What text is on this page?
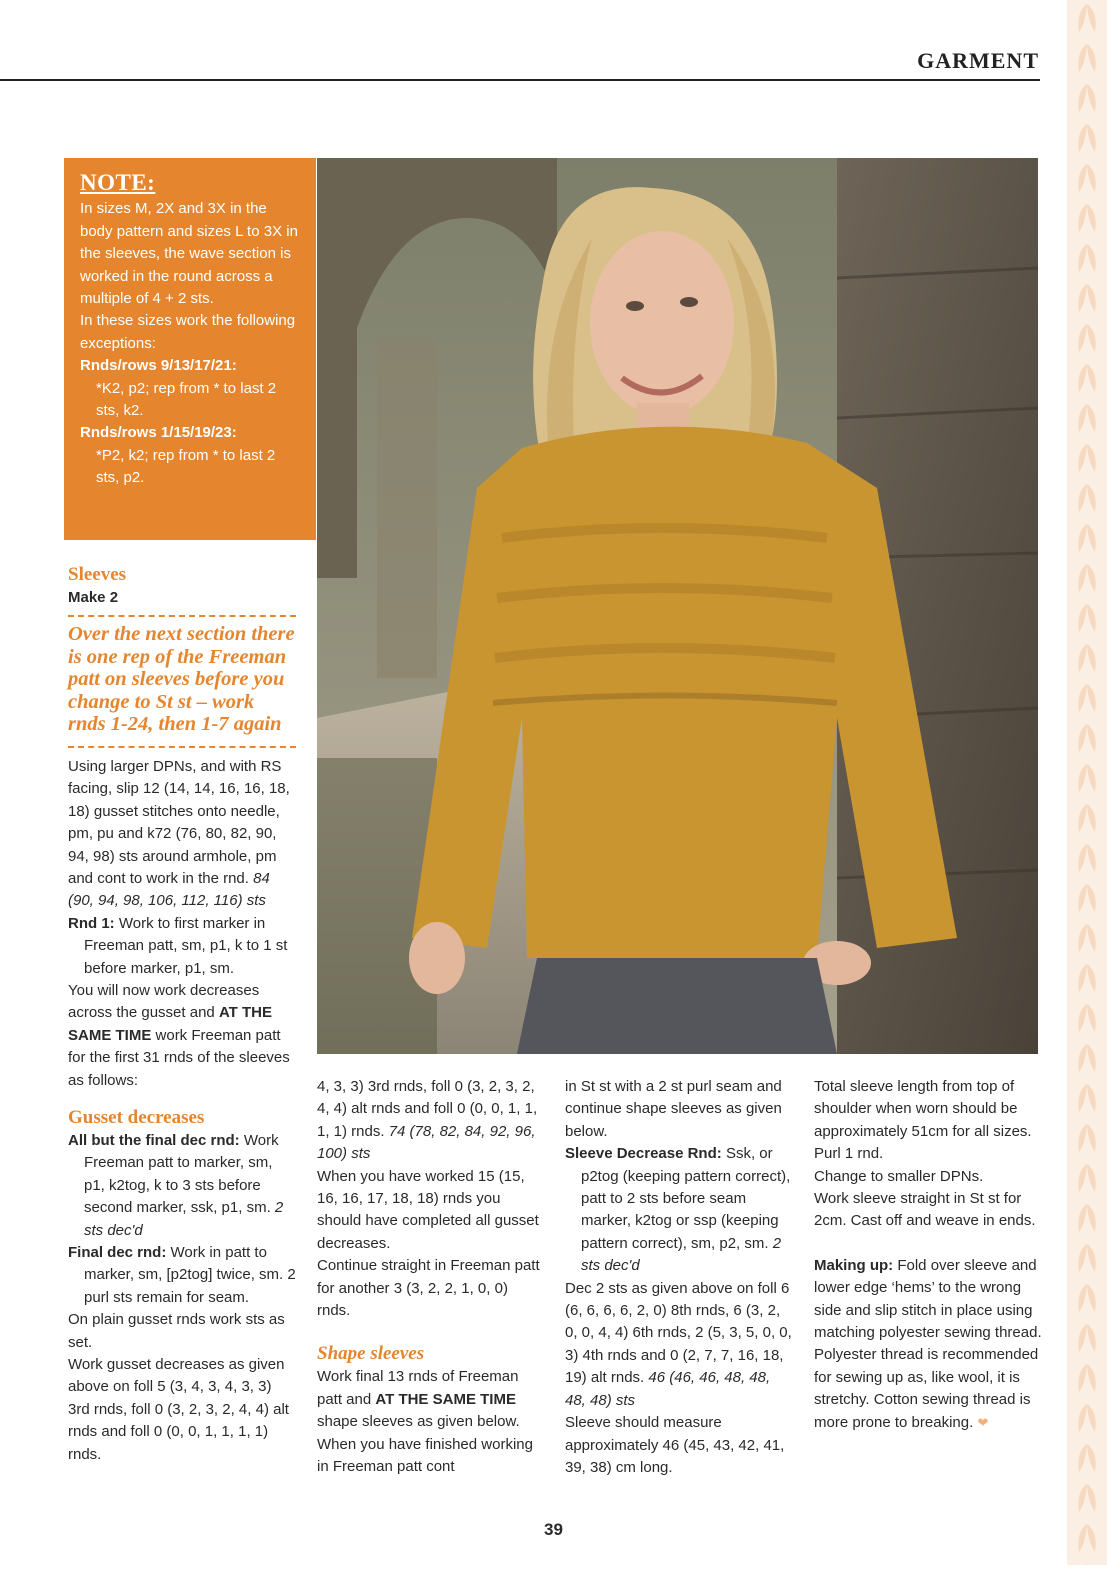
GARMENT
NOTE:

In sizes M, 2X and 3X in the body pattern and sizes L to 3X in the sleeves, the wave section is worked in the round across a multiple of 4 + 2 sts.

In these sizes work the following exceptions:

Rnds/rows 9/13/17/21:

*K2, p2; rep from * to last 2 sts, k2.

Rnds/rows 1/15/19/23:

*P2, k2; rep from * to last 2 sts, p2.

Sleeves

Make 2

Over the next section there is one rep of the Freeman patt on sleeves before you change to St st – work rnds 1-24, then 1-7 again

Using larger DPNs, and with RS facing, slip 12 (14, 14, 16, 16, 18, 18) gusset stitches onto needle, pm, pu and k72 (76, 80, 82, 90, 94, 98) sts around armhole, pm and cont to work in the rnd. 84 (90, 94, 98, 106, 112, 116) sts

Rnd 1: Work to first marker in Freeman patt, sm, p1, k to 1 st before marker, p1, sm.

You will now work decreases across the gusset and AT THE SAME TIME work Freeman patt for the first 31 rnds of the sleeves as follows:

Gusset decreases

All but the final dec rnd: Work Freeman patt to marker, sm, p1, k2tog, k to 3 sts before second marker, ssk, p1, sm. 2 sts dec'd

Final dec rnd: Work in patt to marker, sm, [p2tog] twice, sm. 2 purl sts remain for seam.

On plain gusset rnds work sts as set.

Work gusset decreases as given above on foll 5 (3, 4, 3, 4, 3, 3) 3rd rnds, foll 0 (3, 2, 3, 2, 4, 4) alt rnds and foll 0 (0, 0, 1, 1, 1, 1) rnds.

4, 3, 3) 3rd rnds, foll 0 (3, 2, 3, 2, 4, 4) alt rnds and foll 0 (0, 0, 1, 1, 1, 1) rnds. 74 (78, 82, 84, 92, 96, 100) sts

When you have worked 15 (15, 16, 16, 17, 18, 18) rnds you should have completed all gusset decreases.

Continue straight in Freeman patt for another 3 (3, 2, 2, 1, 0, 0) rnds.

Shape sleeves

Work final 13 rnds of Freeman patt and AT THE SAME TIME shape sleeves as given below. When you have finished working in Freeman patt cont

in St st with a 2 st purl seam and continue shape sleeves as given below.

Sleeve Decrease Rnd: Ssk, or p2tog (keeping pattern correct), patt to 2 sts before seam marker, k2tog or ssp (keeping pattern correct), sm, p2, sm. 2 sts dec'd

Dec 2 sts as given above on foll 6 (6, 6, 6, 6, 2, 0) 8th rnds, 6 (3, 2, 0, 0, 4, 4) 6th rnds, 2 (5, 3, 5, 0, 0, 3) 4th rnds and 0 (2, 7, 7, 16, 18, 19) alt rnds. 46 (46, 46, 48, 48, 48, 48) sts

Sleeve should measure approximately 46 (45, 43, 42, 41, 39, 38) cm long.

Total sleeve length from top of shoulder when worn should be approximately 51cm for all sizes.

Purl 1 rnd.

Change to smaller DPNs.

Work sleeve straight in St st for 2cm. Cast off and weave in ends.

Making up: Fold over sleeve and lower edge ‘hems’ to the wrong side and slip stitch in place using matching polyester sewing thread. Polyester thread is recommended for sewing up as, like wool, it is stretchy. Cotton sewing thread is more prone to breaking. ❤

39
